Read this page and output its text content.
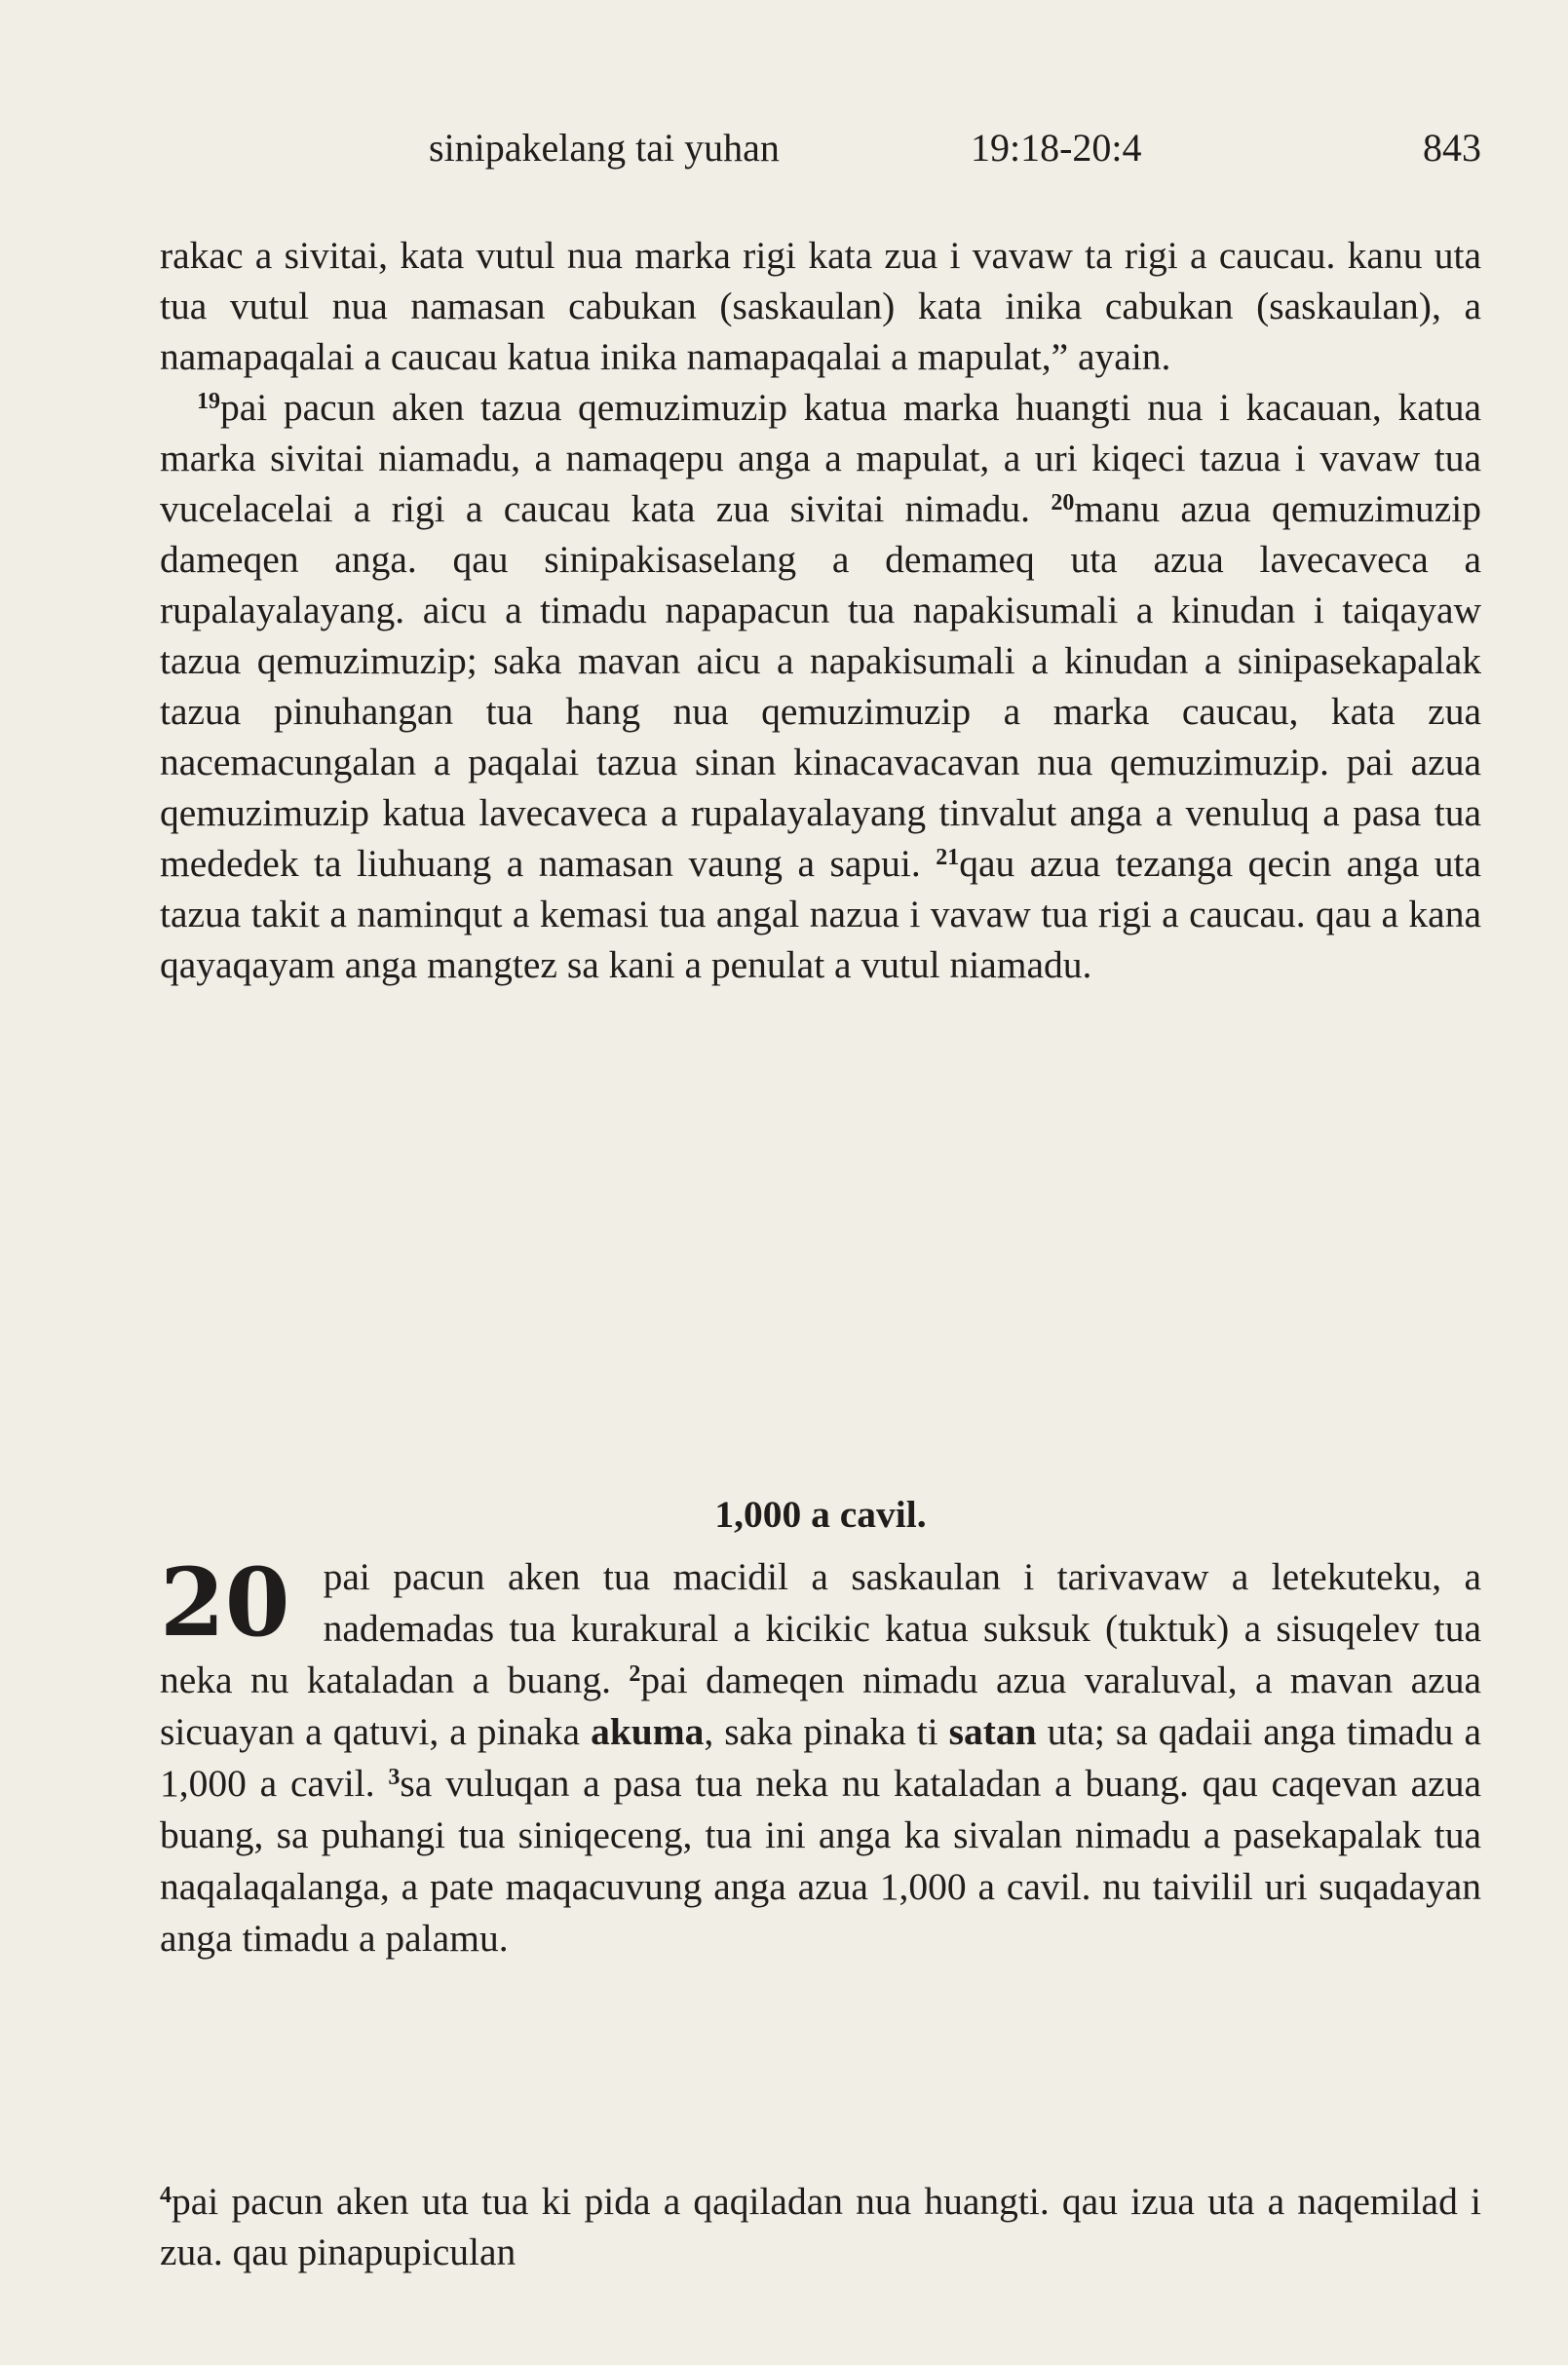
sinipakelang tai yuhan	19:18-20:4	843

rakac a sivitai, kata vutul nua marka rigi kata zua i vavaw ta rigi a caucau. kanu uta tua vutul nua namasan cabukan (saskaulan) kata inika cabukan (saskaulan), a namapaqalai a caucau katua inika namapaqalai a mapulat,” ayain.

$^{19}$pai pacun aken tazua qemuzimuzip katua marka huangti nua i kacauan, katua marka sivitai niamadu, a namaqepu anga a mapulat, a uri kiqeci tazua i vavaw tua vucelacelai a rigi a caucau kata zua sivitai nimadu. $^{20}$manu azua qemuzimuzip dameqen anga. qau sinipakisaselang a demameq uta azua lavecaveca a rupalayalayang. aicu a timadu napapacun tua napakisumali a kinudan i taiqayaw tazua qemuzimuzip; saka mavan aicu a napakisumali a kinudan a sinipasekapalak tazua pinuhangan tua hang nua qemuzimuzip a marka caucau, kata zua nacemacungalan a paqalai tazua sinan kinacavacavan nua qemuzimuzip. pai azua qemuzimuzip katua lavecaveca a rupalayalayang tinvalut anga a venuluq a pasa tua mededek ta liuhuang a namasan vaung a sapui. $^{21}$qau azua tezanga qecin anga uta tazua takit a naminqut a kemasi tua angal nazua i vavaw tua rigi a caucau. qau a kana qayaqayam anga mangtez sa kani a penulat a vutul niamadu.

1,000 a cavil.
20 pai pacun aken tua macidil a saskaulan i tarivavaw a letekuteku, a nademadas tua kurakural a kicikic katua suksuk (tuktuk) a sisuqelev tua neka nu kataladan a buang. $^2$pai dameqen nimadu azua varaluval, a mavan azua sicuayan a qatuvi, a pinaka akuma, saka pinaka ti satan uta; sa qadaii anga timadu a 1,000 a cavil. $^3$sa vuluqan a pasa tua neka nu kataladan a buang. qau caqevan azua buang, sa puhangi tua siniqeceng, tua ini anga ka sivalan nimadu a pasekapalak tua naqalaqalanga, a pate maqacuvung anga azua 1,000 a cavil. nu taivilil uri suqadayan anga timadu a palamu.

$^4$pai pacun aken uta tua ki pida a qaqiladan nua huangti. qau izua uta a naqemilad i zua. qau pinapupiculan
